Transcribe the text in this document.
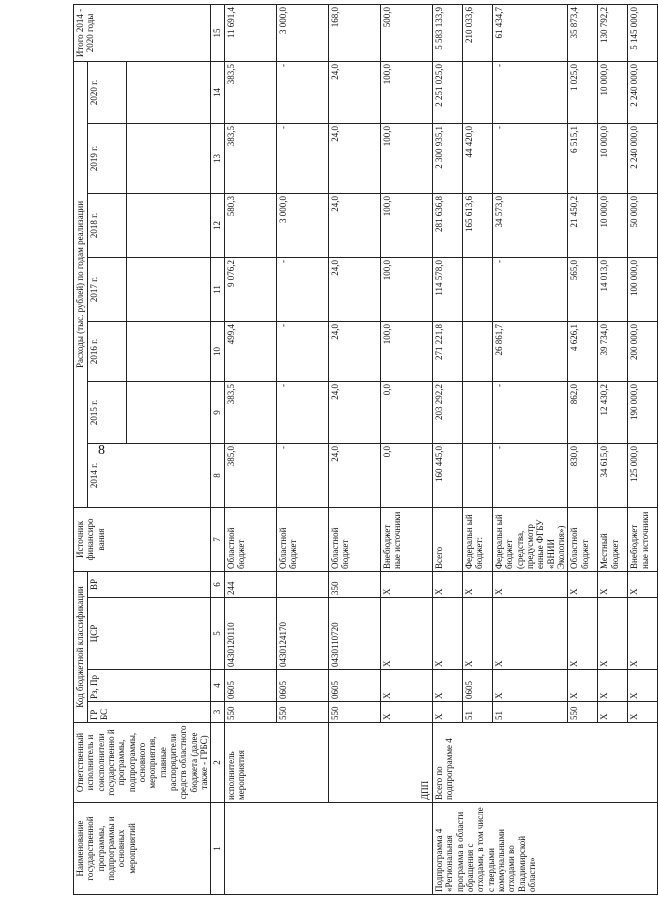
8
Наименование государственной программы, подпрограммы и основных мероприятий	Ответственный исполнитель и соисполнители государственно й программы, подпрограммы, основного мероприятия, главные распорядители средств областного бюджета (далее также - ГРБС)	Код бюджетной классификации				Источник финансиро вания	Расходы (тыс. рублей) по годам реализации							Итого 2014 - 2020 годы
		ГР БС	Рз, Пр	ЦСР	ВР		2014 г.	2015 г.	2016 г.	2017 г.	2018 г.	2019 г.	2020 г.	

1	2	3	4	5	6	7	8	9	10	11	12	13	14	15
	исполнитель мероприятия	550	0605	0430120110	244	Областной бюджет	385,0	383,5	499,4	9 076,2	580,3	383,5	383,5	11 691,4
		550	0605	0430124170		Областной бюджет	-	-	-	-	3 000,0	-	-	3 000,0
	ДПП	550	0605	0430110720	350	Областной бюджет	24,0	24,0	24,0	24,0	24,0	24,0	24,0	168,0
		X	X	X	X	Внебюджет ные источники	0,0	0,0	100,0	100,0	100,0	100,0	100,0	500,0
Подпрограмма 4 «Региональная программа в области обращения с отходами, в том числе с твердыми коммунальными отходами во Владимирской области»	Всего по подпрограмме 4	X	X	X	X	Всего	160 445,0	203 292,2	271 221,8	114 578,0	281 636,8	2 300 935,1	2 251 025,0	5 583 133,9
		51	0605	X	X	Федеральн ый бюджет:					165 613,6	44 420,0		210 033,6
		51	X	X	X	Федеральн ый бюджет (средства, предусмотр енные ФГБУ «ВНИИ Экология»)	-	-	26 861,7	-	34 573,0	-	-	61 434,7
		550	X	X	X	Областной бюджет	830,0	862,0	4 626,1	565,0	21 450,2	6 515,1	1 025,0	35 873,4
		X	X	X	X	Местный бюджет	34 615,0	12 430,2	39 734,0	14 013,0	10 000,0	10 000,0	10 000,0	130 792,2
		X	X	X	X	Внебюджет ные источники	125 000,0	190 000,0	200 000,0	100 000,0	50 000,0	2 240 000,0	2 240 000,0	5 145 000,0
